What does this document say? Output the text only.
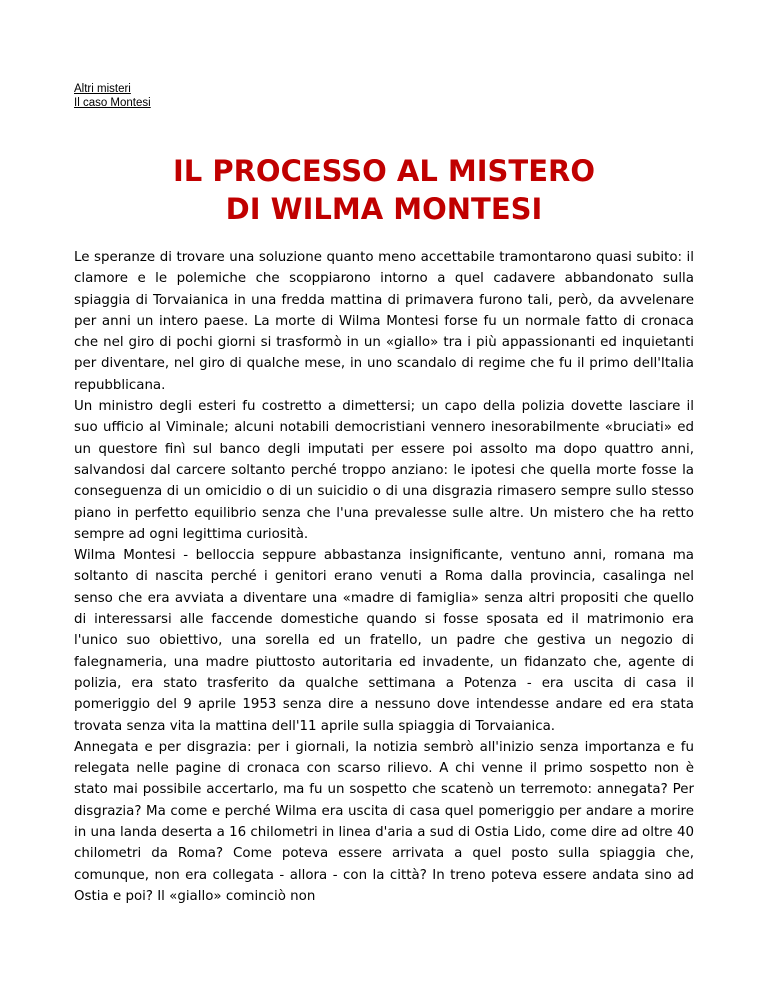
Altri misteri
Il caso Montesi
IL PROCESSO AL MISTERO
DI WILMA MONTESI

Le speranze di trovare una soluzione quanto meno accettabile tramontarono quasi subito: il clamore e le polemiche che scoppiarono intorno a quel cadavere abbandonato sulla spiaggia di Torvaianica in una fredda mattina di primavera furono tali, però, da avvelenare per anni un intero paese. La morte di Wilma Montesi forse fu un normale fatto di cronaca che nel giro di pochi giorni si trasformò in un «giallo» tra i più appassionanti ed inquietanti per diventare, nel giro di qualche mese, in uno scandalo di regime che fu il primo dell'Italia repubblicana.

Un ministro degli esteri fu costretto a dimettersi; un capo della polizia dovette lasciare il suo ufficio al Viminale; alcuni notabili democristiani vennero inesorabilmente «bruciati» ed un questore finì sul banco degli imputati per essere poi assolto ma dopo quattro anni, salvandosi dal carcere soltanto perché troppo anziano: le ipotesi che quella morte fosse la conseguenza di un omicidio o di un suicidio o di una disgrazia rimasero sempre sullo stesso piano in perfetto equilibrio senza che l'una prevalesse sulle altre. Un mistero che ha retto sempre ad ogni legittima curiosità.

Wilma Montesi - belloccia seppure abbastanza insignificante, ventuno anni, romana ma soltanto di nascita perché i genitori erano venuti a Roma dalla provincia, casalinga nel senso che era avviata a diventare una «madre di famiglia» senza altri propositi che quello di interessarsi alle faccende domestiche quando si fosse sposata ed il matrimonio era l'unico suo obiettivo, una sorella ed un fratello, un padre che gestiva un negozio di falegnameria, una madre piuttosto autoritaria ed invadente, un fidanzato che, agente di polizia, era stato trasferito da qualche settimana a Potenza - era uscita di casa il pomeriggio del 9 aprile 1953 senza dire a nessuno dove intendesse andare ed era stata trovata senza vita la mattina dell'11 aprile sulla spiaggia di Torvaianica.

Annegata e per disgrazia: per i giornali, la notizia sembrò all'inizio senza importanza e fu relegata nelle pagine di cronaca con scarso rilievo. A chi venne il primo sospetto non è stato mai possibile accertarlo, ma fu un sospetto che scatenò un terremoto: annegata? Per disgrazia? Ma come e perché Wilma era uscita di casa quel pomeriggio per andare a morire in una landa deserta a 16 chilometri in linea d'aria a sud di Ostia Lido, come dire ad oltre 40 chilometri da Roma? Come poteva essere arrivata a quel posto sulla spiaggia che, comunque, non era collegata - allora - con la città? In treno poteva essere andata sino ad Ostia e poi? Il «giallo» cominciò non
